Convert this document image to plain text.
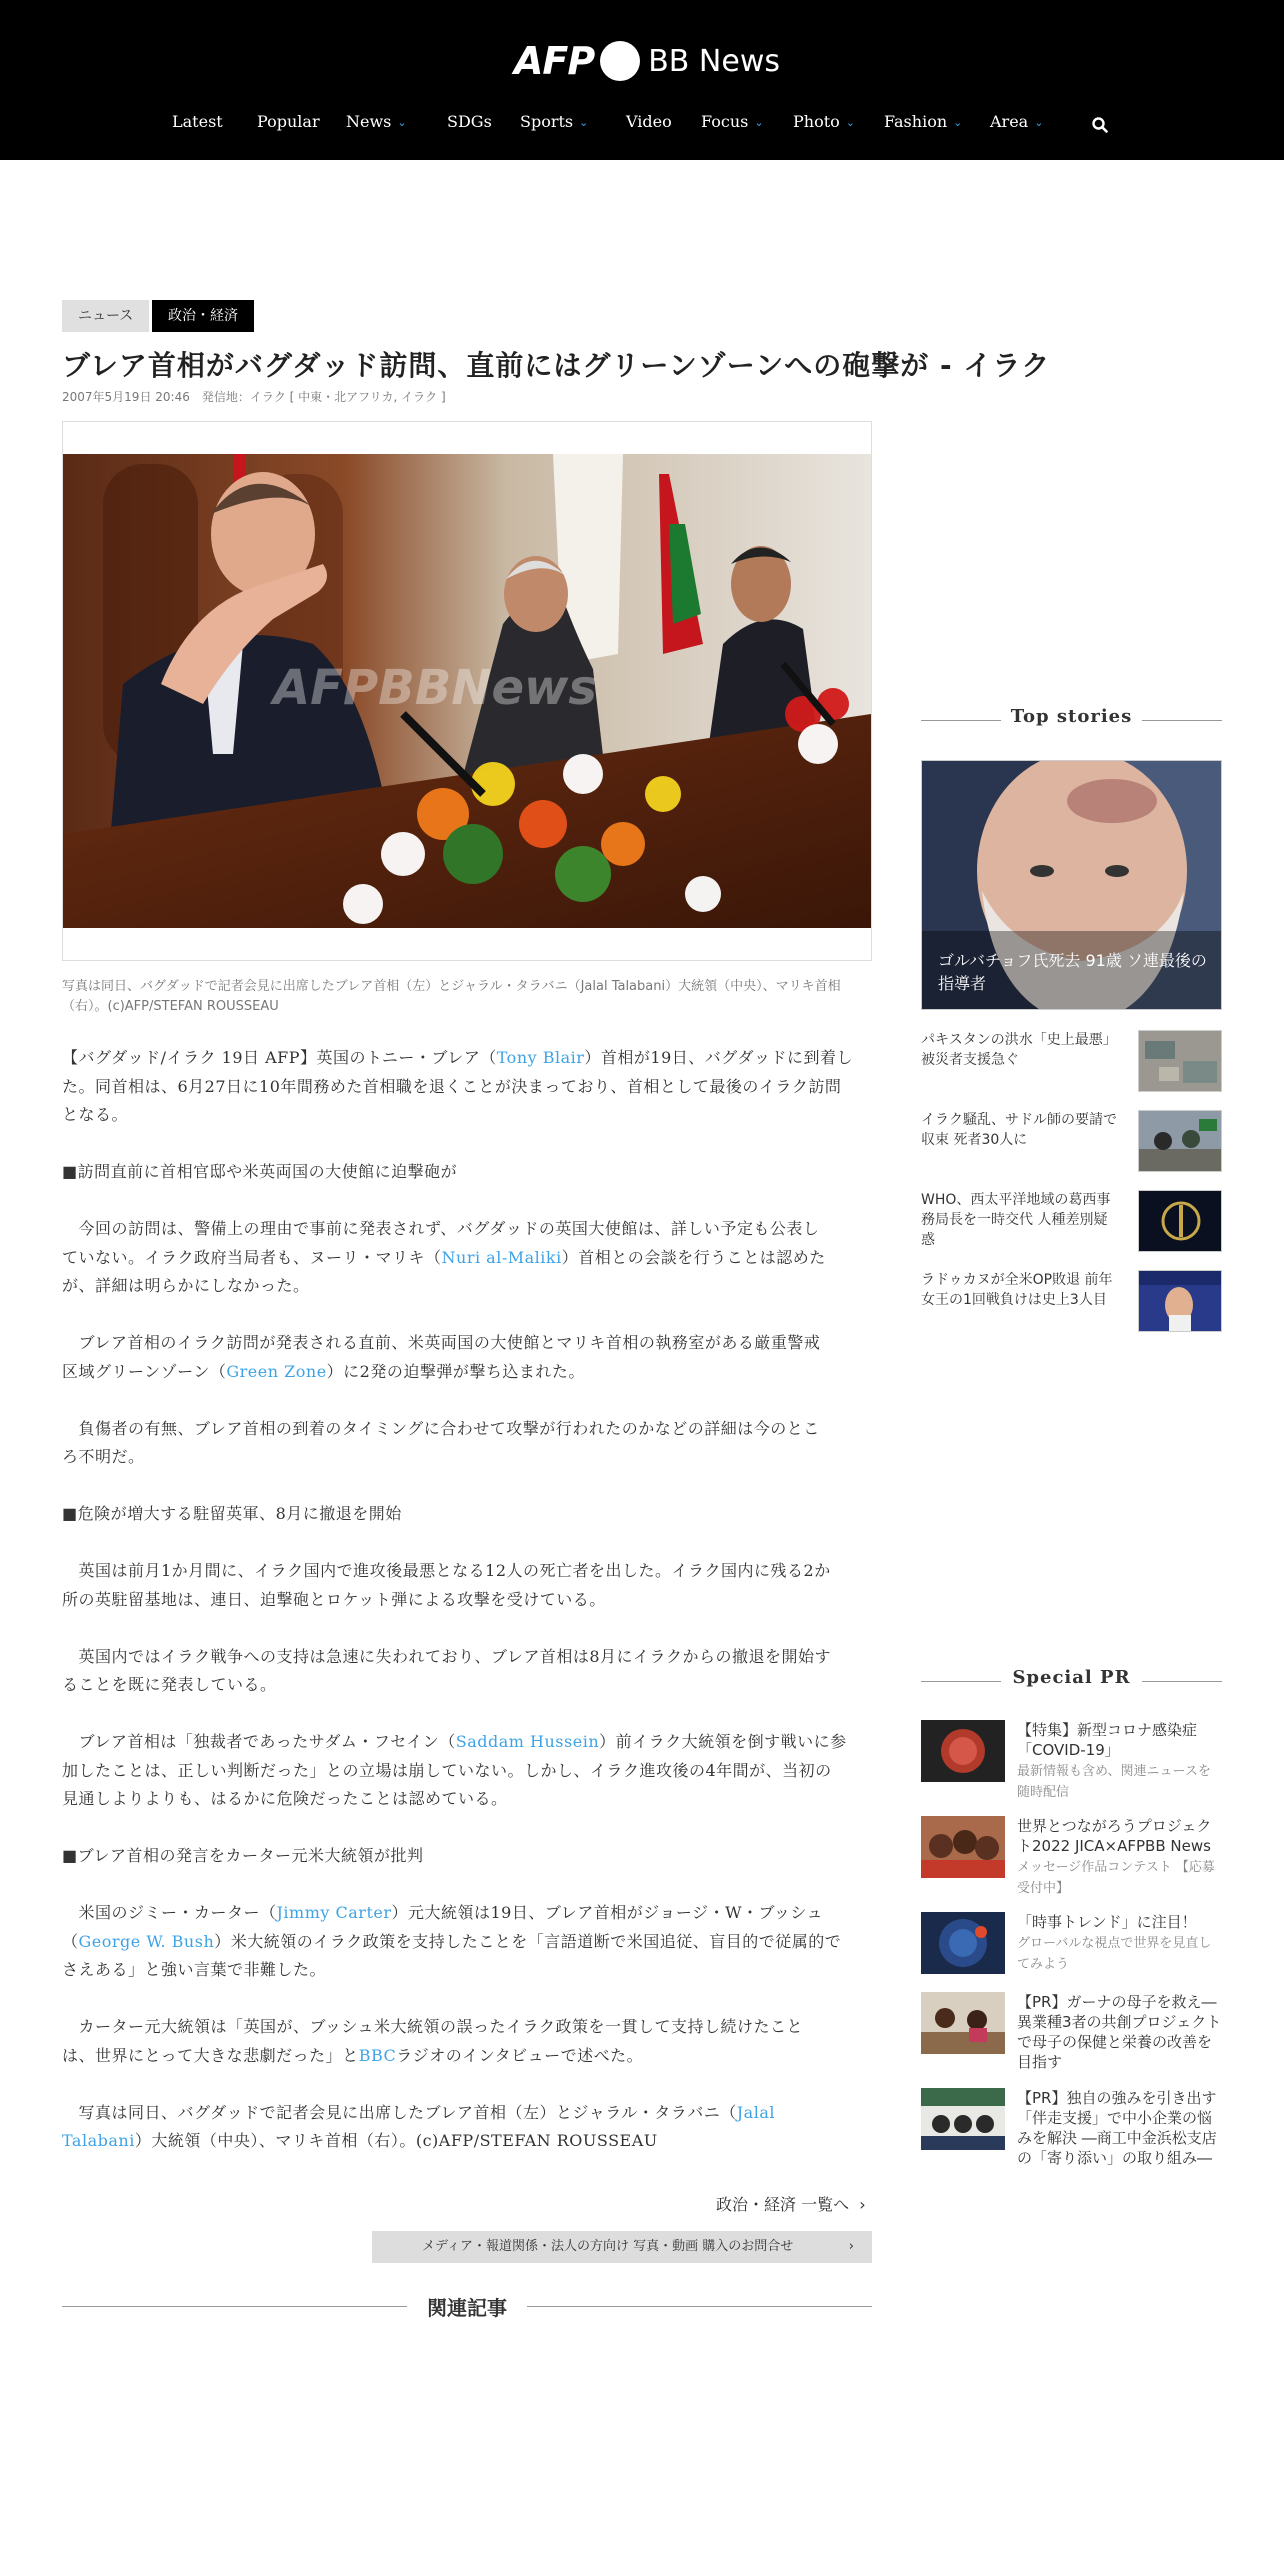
AFP BB News
Latest Popular News ⌄	SDGs Sports ⌄ Video Focus ⌄ Photo ⌄ Fashion ⌄ Area ⌄
ニュース	政治・経済
ブレア首相がバグダッド訪問、直前にはグリーンゾーンへの砲撃が - イラク
2007年5月19日 20:46　発信地：イラク [ 中東・北アフリカ, イラク ]
AFPBBNews
写真は同日、バグダッドで記者会見に出席したブレア首相（左）とジャラル・タラバニ（Jalal Talabani）大統領（中央）、マリキ首相（右）。(c)AFP/STEFAN ROUSSEAU

【バグダッド/イラク 19日 AFP】英国のトニー・ブレア（Tony Blair）首相が19日、バグダッドに到着し
た。同首相は、6月27日に10年間務めた首相職を退くことが決まっており、首相として最後のイラク訪問
となる。

■訪問直前に首相官邸や米英両国の大使館に迫撃砲が

　今回の訪問は、警備上の理由で事前に発表されず、バグダッドの英国大使館は、詳しい予定も公表し
ていない。イラク政府当局者も、ヌーリ・マリキ（Nuri al-Maliki）首相との会談を行うことは認めた
が、詳細は明らかにしなかった。

　ブレア首相のイラク訪問が発表される直前、米英両国の大使館とマリキ首相の執務室がある厳重警戒
区域グリーンゾーン（Green Zone）に2発の迫撃弾が撃ち込まれた。

　負傷者の有無、ブレア首相の到着のタイミングに合わせて攻撃が行われたのかなどの詳細は今のとこ
ろ不明だ。

■危険が増大する駐留英軍、8月に撤退を開始

　英国は前月1か月間に、イラク国内で進攻後最悪となる12人の死亡者を出した。イラク国内に残る2か
所の英駐留基地は、連日、迫撃砲とロケット弾による攻撃を受けている。

　英国内ではイラク戦争への支持は急速に失われており、ブレア首相は8月にイラクからの撤退を開始す
ることを既に発表している。

　ブレア首相は「独裁者であったサダム・フセイン（Saddam Hussein）前イラク大統領を倒す戦いに参
加したことは、正しい判断だった」との立場は崩していない。しかし、イラク進攻後の4年間が、当初の
見通しよりよりも、はるかに危険だったことは認めている。

■ブレア首相の発言をカーター元米大統領が批判

　米国のジミー・カーター（Jimmy Carter）元大統領は19日、ブレア首相がジョージ・W・ブッシュ
（George W. Bush）米大統領のイラク政策を支持したことを「言語道断で米国追従、盲目的で従属的で
さえある」と強い言葉で非難した。

　カーター元大統領は「英国が、ブッシュ米大統領の誤ったイラク政策を一貫して支持し続けたこと
は、世界にとって大きな悲劇だった」とBBCラジオのインタビューで述べた。

　写真は同日、バグダッドで記者会見に出席したブレア首相（左）とジャラル・タラバニ（Jalal
Talabani）大統領（中央）、マリキ首相（右）。(c)AFP/STEFAN ROUSSEAU

政治・経済 一覧へ ›
メディア・報道関係・法人の方向け 写真・動画 購入のお問合せ	›
関連記事
Top stories
ゴルバチョフ氏死去 91歳 ソ連最後の指導者
パキスタンの洪水「史上最悪」 被災者支援急ぐ
イラク騒乱、サドル師の要請で収束 死者30人に
WHO、西太平洋地域の葛西事務局長を一時交代 人種差別疑惑
ラドゥカヌが全米OP敗退 前年女王の1回戦負けは史上3人目
Special PR
【特集】新型コロナ感染症「COVID-19」
最新情報も含め、関連ニュースを随時配信
世界とつながろうプロジェクト2022 JICA×AFPBB News
メッセージ作品コンテスト 【応募受付中】
「時事トレンド」に注目！
グローバルな視点で世界を見直してみよう
【PR】ガーナの母子を救え―異業種3者の共創プロジェクトで母子の保健と栄養の改善を目指す
【PR】独自の強みを引き出す「伴走支援」で中小企業の悩みを解決 ―商工中金浜松支店の「寄り添い」の取り組み―
